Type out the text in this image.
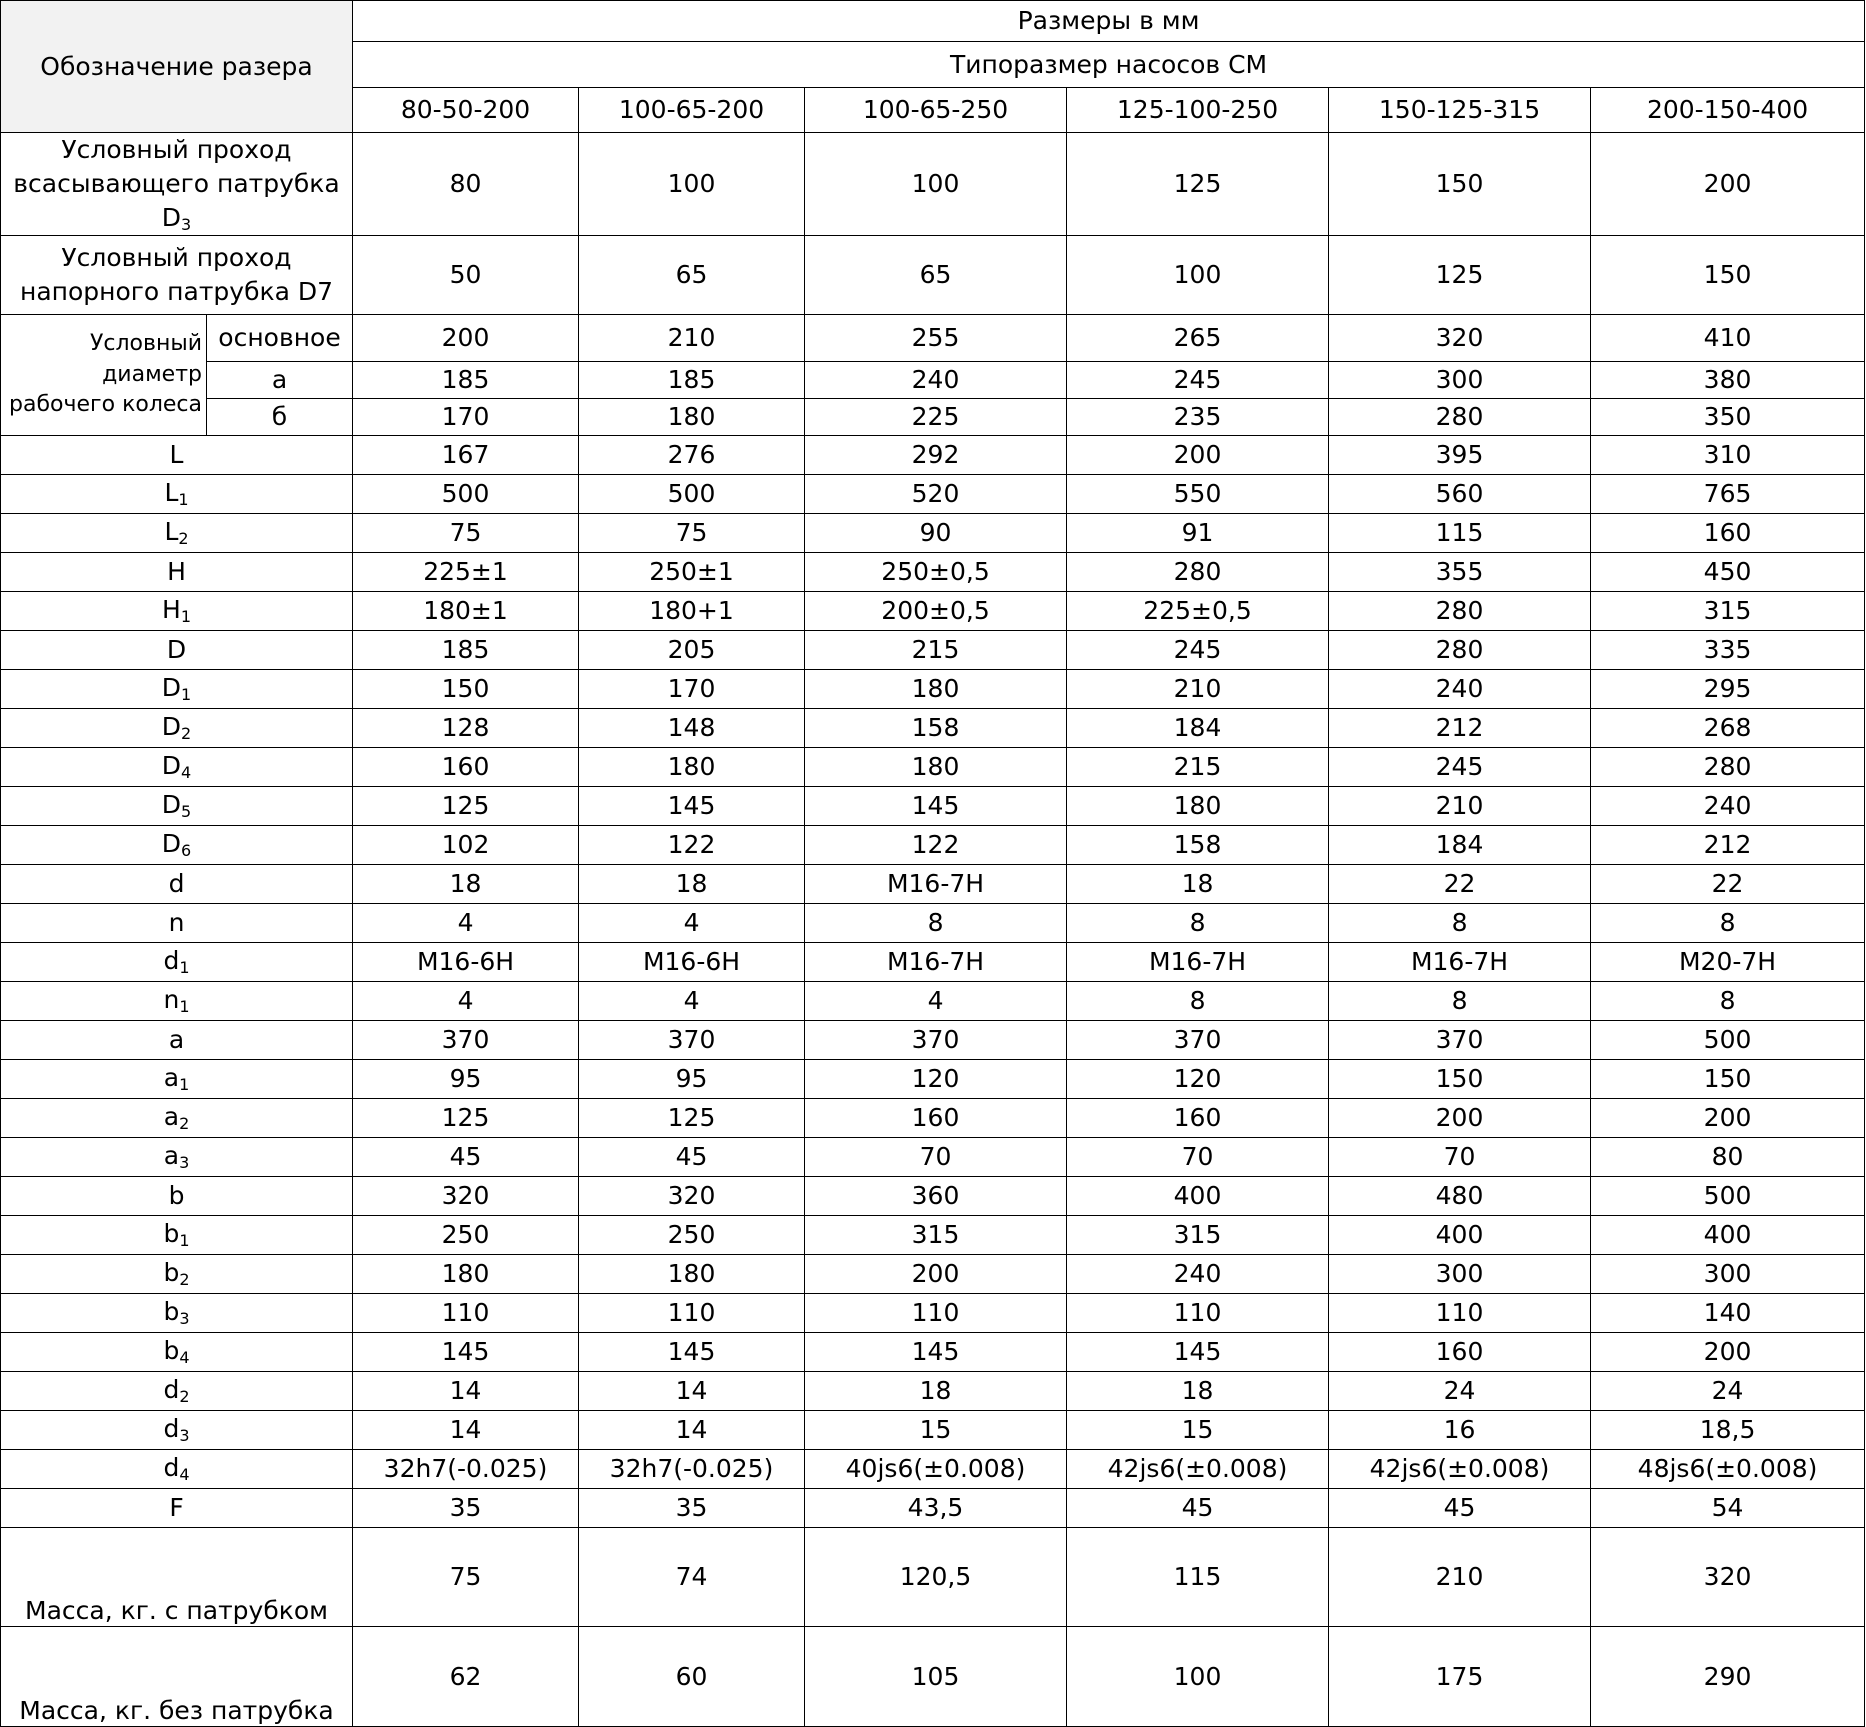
Обозначение разера		Размеры в мм					
		Типоразмер насосов СМ					
		80-50-200	100-65-200	100-65-250	125-100-250	150-125-315	200-150-400
Условный проход
всасывающего патрубка $D_3$		80	100	100	125	150	200
Условный проход
напорного патрубка D7		50	65	65	100	125	150
Условный диаметр рабочего колеса	основное	200	210	255	265	320	410
	а	185	185	240	245	300	380
	б	170	180	225	235	280	350
L		167	276	292	200	395	310
$L_1$		500	500	520	550	560	765
$L_2$		75	75	90	91	115	160
H		225±1	250±1	250±0,5	280	355	450
$H_1$		180±1	180+1	200±0,5	225±0,5	280	315
D		185	205	215	245	280	335
$D_1$		150	170	180	210	240	295
$D_2$		128	148	158	184	212	268
$D_4$		160	180	180	215	245	280
$D_5$		125	145	145	180	210	240
$D_6$		102	122	122	158	184	212
d		18	18	M16-7H	18	22	22
n		4	4	8	8	8	8
$d_1$		M16-6H	M16-6H	M16-7H	M16-7H	M16-7H	M20-7H
$n_1$		4	4	4	8	8	8
a		370	370	370	370	370	500
$a_1$		95	95	120	120	150	150
$a_2$		125	125	160	160	200	200
$a_3$		45	45	70	70	70	80
b		320	320	360	400	480	500
$b_1$		250	250	315	315	400	400
$b_2$		180	180	200	240	300	300
$b_3$		110	110	110	110	110	140
$b_4$		145	145	145	145	160	200
$d_2$		14	14	18	18	24	24
$d_3$		14	14	15	15	16	18,5
$d_4$		32h7(-0.025)	32h7(-0.025)	40js6(±0.008)	42js6(±0.008)	42js6(±0.008)	48js6(±0.008)
F		35	35	43,5	45	45	54
Масса, кг. с патрубком		75	74	120,5	115	210	320
Масса, кг. без патрубка		62	60	105	100	175	290
